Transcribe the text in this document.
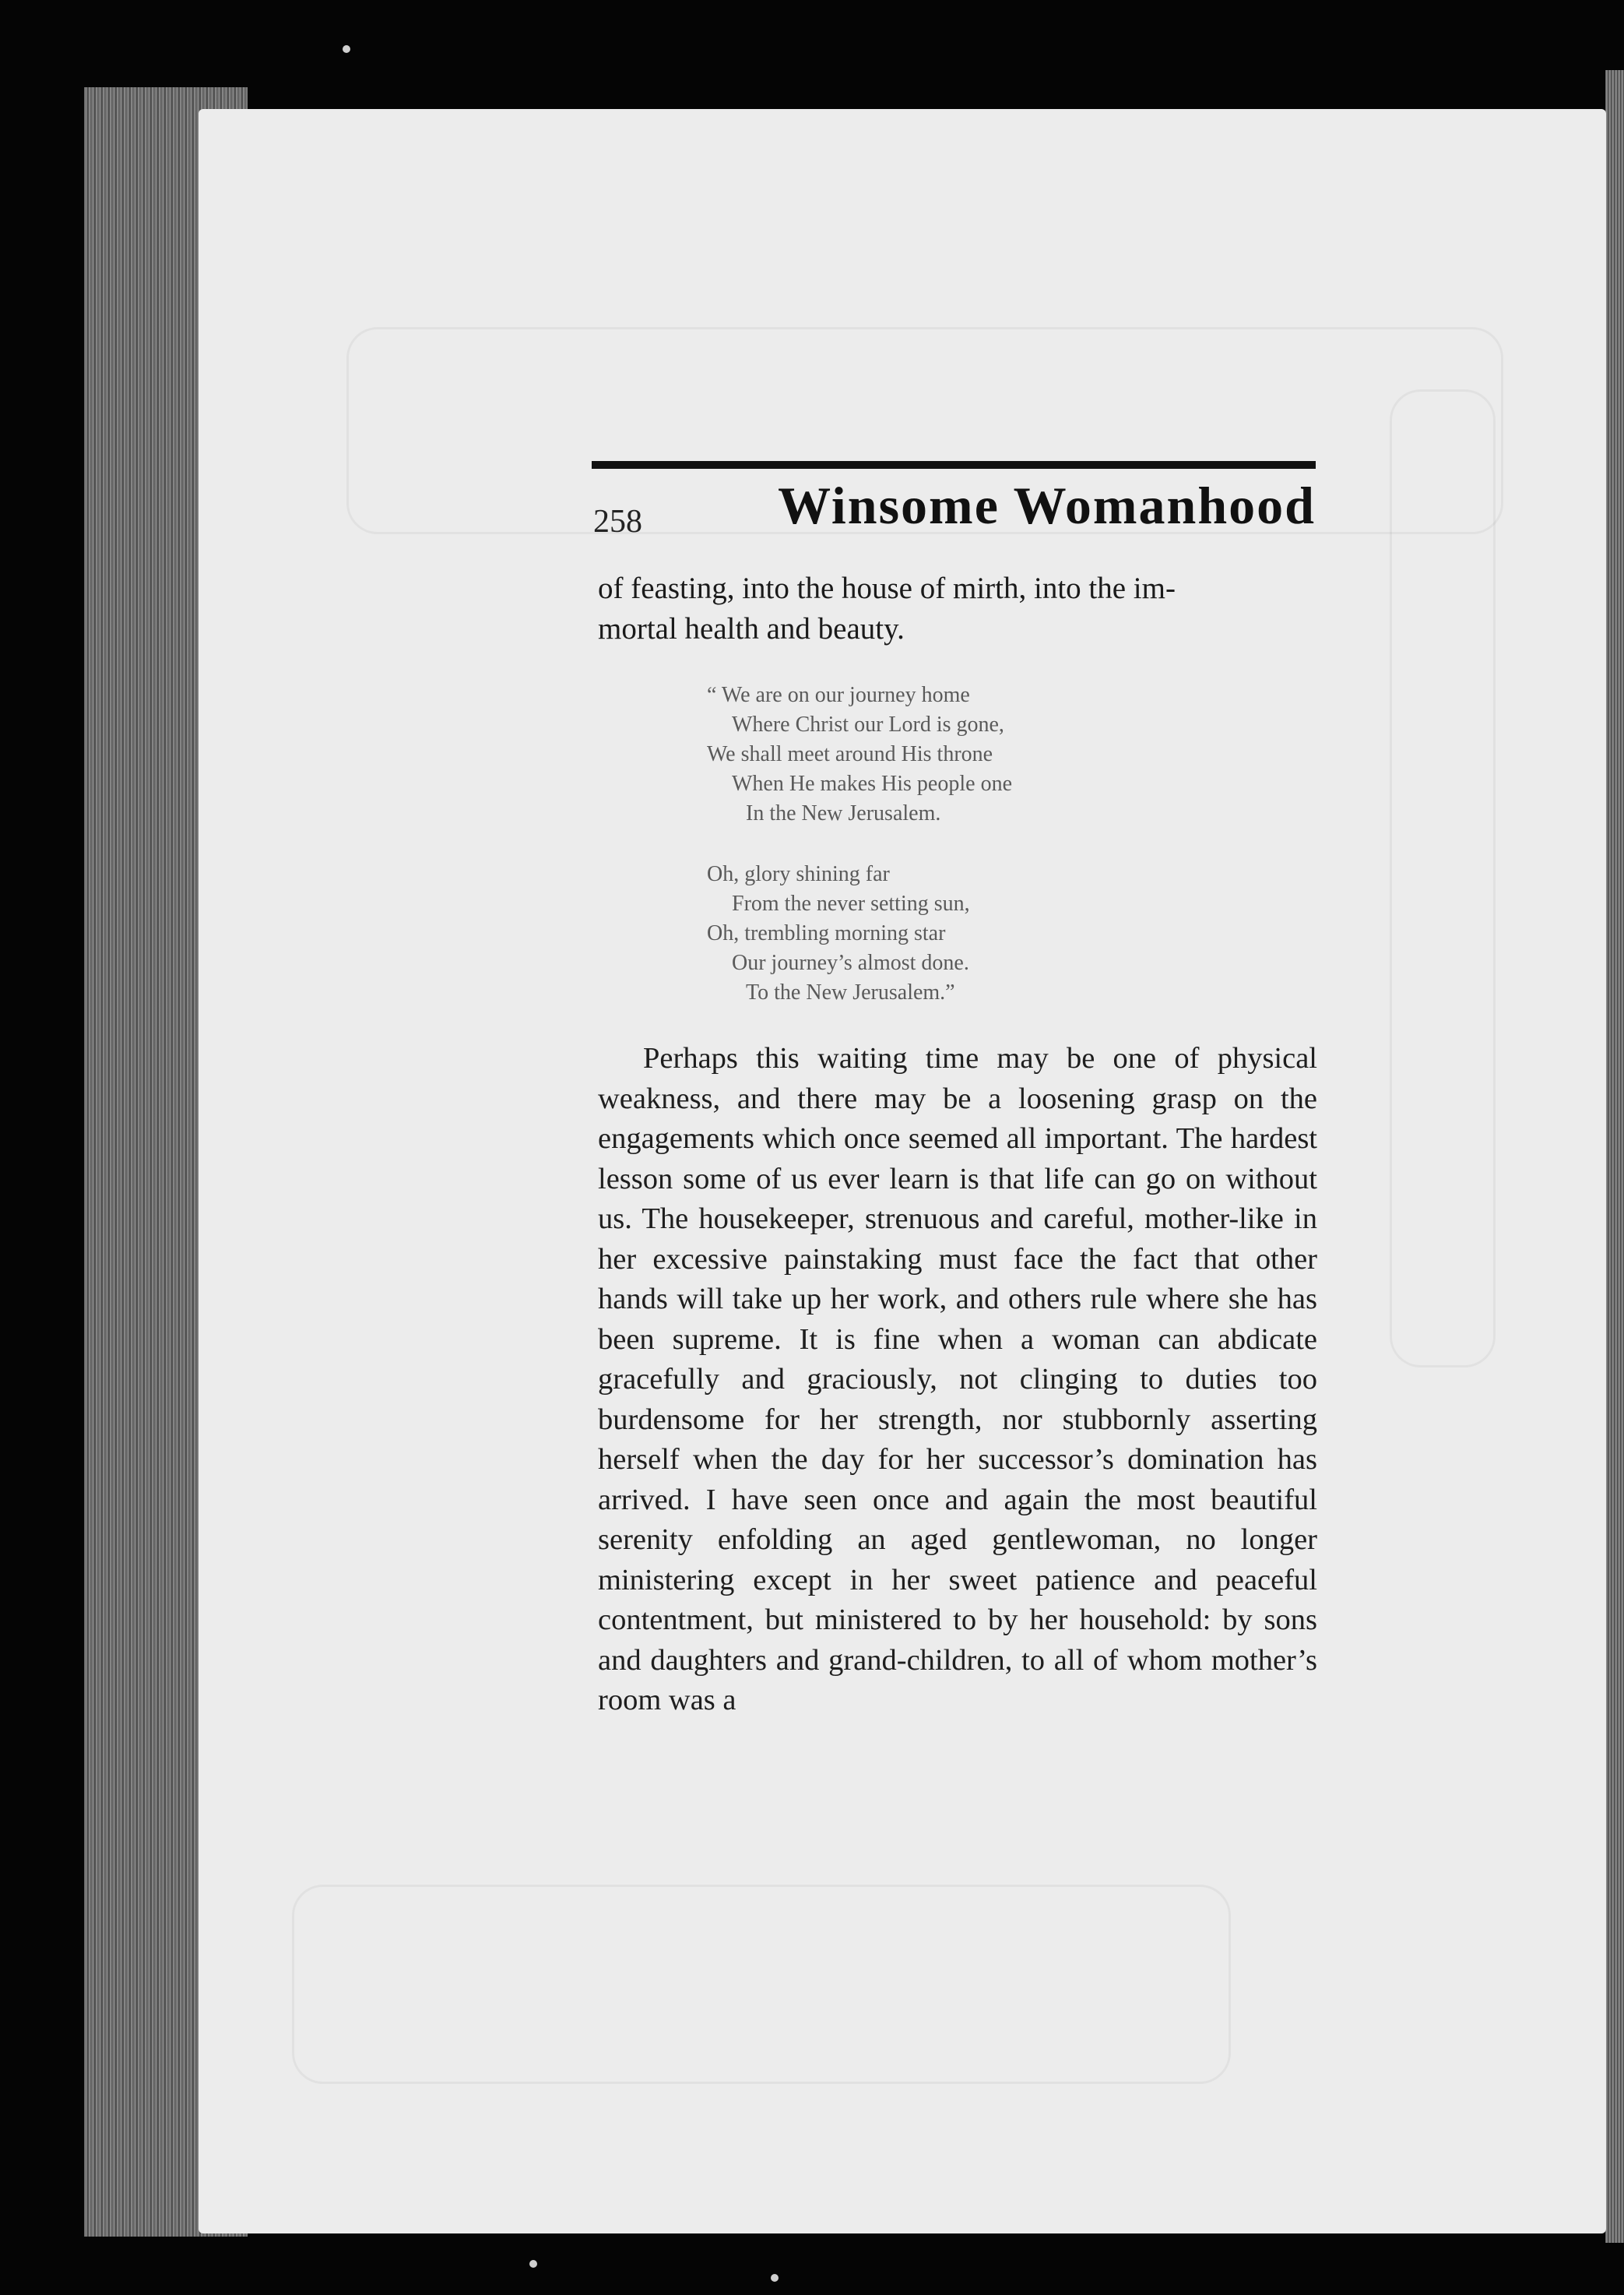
258	Winsome Womanhood

of feasting, into the house of mirth, into the im-

mortal health and beauty.

“ We are on our journey home
Where Christ our Lord is gone,
We shall meet around His throne
When He makes His people one
In the New Jerusalem.
Oh, glory shining far
From the never setting sun,
Oh, trembling morning star
Our journey’s almost done.
To the New Jerusalem.”

Perhaps this waiting time may be one of physical weakness, and there may be a loosening grasp on the engagements which once seemed all important. The hardest lesson some of us ever learn is that life can go on without us. The housekeeper, strenuous and careful, mother-like in her excessive painstaking must face the fact that other hands will take up her work, and others rule where she has been supreme. It is fine when a woman can abdicate gracefully and graciously, not clinging to duties too burdensome for her strength, nor stubbornly asserting herself when the day for her successor’s domination has arrived. I have seen once and again the most beautiful serenity enfolding an aged gentlewoman, no longer ministering except in her sweet patience and peaceful contentment, but ministered to by her household: by sons and daughters and grand-children, to all of whom mother’s room was a
